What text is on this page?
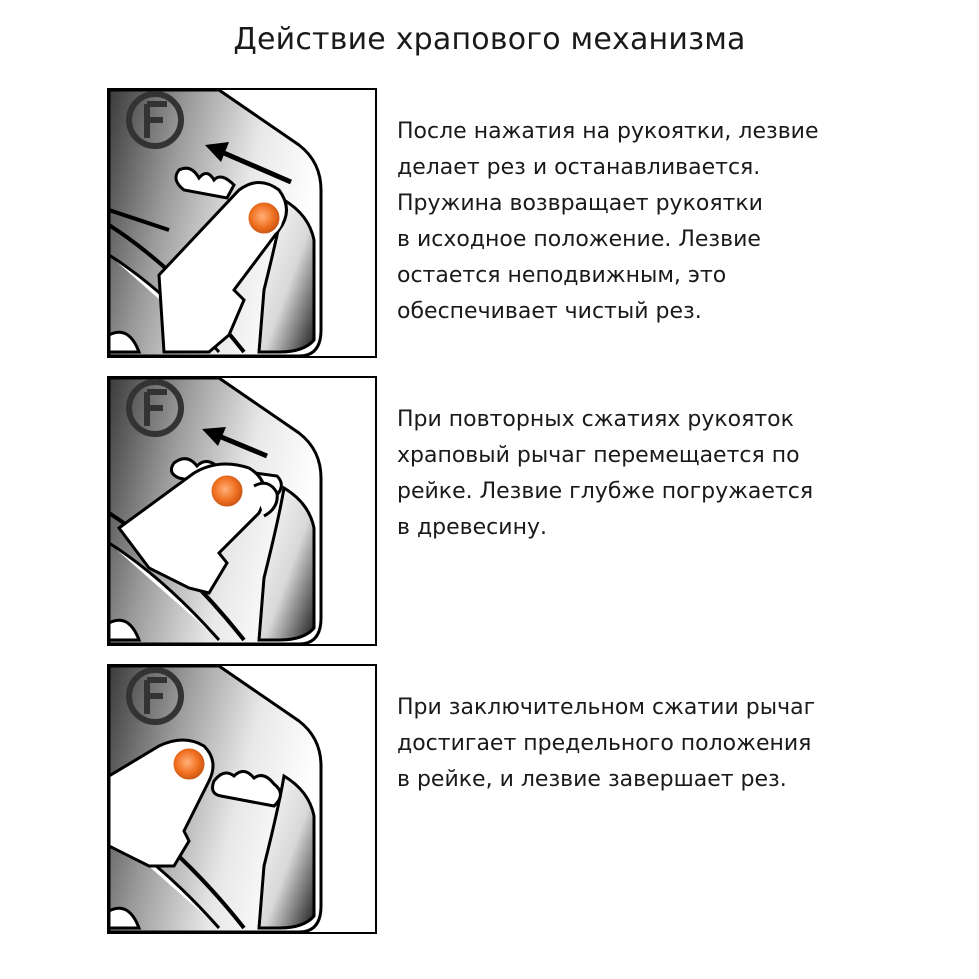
Действие храпового механизма
После нажатия на рукоятки, лезвие
делает рез и останавливается.
Пружина возвращает рукоятки
в исходное положение. Лезвие
остается неподвижным, это
обеспечивает чистый рез.
При повторных сжатиях рукояток
храповый рычаг перемещается по
рейке. Лезвие глубже погружается
в древесину.
При заключительном сжатии рычаг
достигает предельного положения
в рейке, и лезвие завершает рез.
